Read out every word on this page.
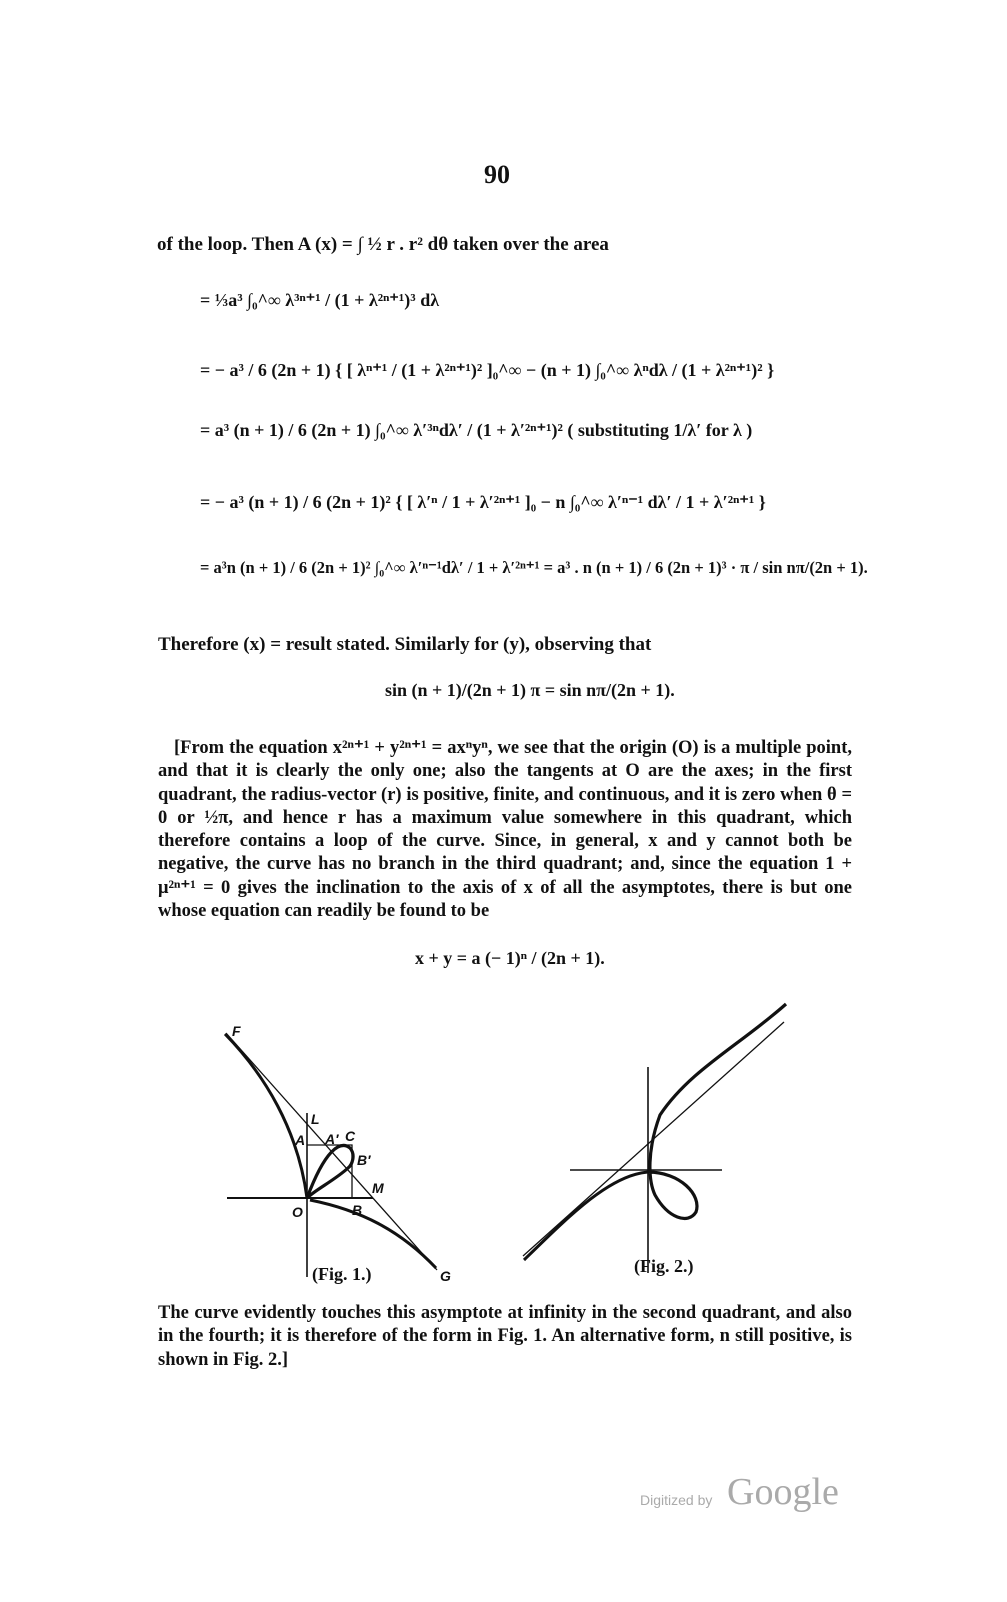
90
of the loop. Then A (x) = ∫ ½ r . r² dθ taken over the area
= ⅓a³ ∫₀^∞ λ³ⁿ⁺¹ / (1 + λ²ⁿ⁺¹)³ dλ
= − a³ / 6 (2n + 1) { [ λⁿ⁺¹ / (1 + λ²ⁿ⁺¹)² ]₀^∞ − (n + 1) ∫₀^∞ λⁿdλ / (1 + λ²ⁿ⁺¹)² }
= a³ (n + 1) / 6 (2n + 1) ∫₀^∞ λ′³ⁿdλ′ / (1 + λ′²ⁿ⁺¹)² ( substituting 1/λ′ for λ )
= − a³ (n + 1) / 6 (2n + 1)² { [ λ′ⁿ / 1 + λ′²ⁿ⁺¹ ]₀ − n ∫₀^∞ λ′ⁿ⁻¹ dλ′ / 1 + λ′²ⁿ⁺¹ }
= a³n (n + 1) / 6 (2n + 1)² ∫₀^∞ λ′ⁿ⁻¹dλ′ / 1 + λ′²ⁿ⁺¹ = a³ . n (n + 1) / 6 (2n + 1)³ · π / sin nπ/(2n + 1).
Therefore (x) = result stated. Similarly for (y), observing that
sin (n + 1)/(2n + 1) π = sin nπ/(2n + 1).
[From the equation x²ⁿ⁺¹ + y²ⁿ⁺¹ = axⁿyⁿ, we see that the origin (O) is a multiple point, and that it is clearly the only one; also the tangents at O are the axes; in the first quadrant, the radius-vector (r) is positive, finite, and continuous, and it is zero when θ = 0 or ½π, and hence r has a maximum value somewhere in this quadrant, which therefore contains a loop of the curve. Since, in general, x and y cannot both be negative, the curve has no branch in the third quadrant; and, since the equation 1 + μ²ⁿ⁺¹ = 0 gives the inclination to the axis of x of all the asymptotes, there is but one whose equation can readily be found to be
x + y = a (− 1)ⁿ / (2n + 1).
F
L
A A′ C
B′
M
O	B
G
(Fig. 1.)	(Fig. 2.)
The curve evidently touches this asymptote at infinity in the second quadrant, and also in the fourth; it is therefore of the form in Fig. 1. An alternative form, n still positive, is shown in Fig. 2.]
Digitized by Google
